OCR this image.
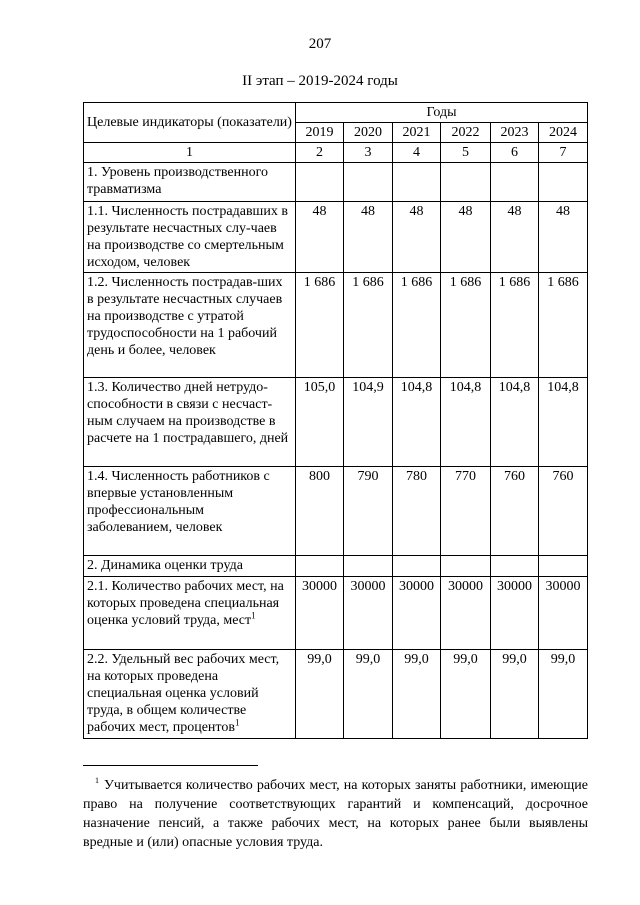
207
II этап – 2019-2024 годы
Целевые индикаторы (показатели)	Годы					
	2019	2020	2021	2022	2023	2024
1	2	3	4	5	6	7
1. Уровень производственного травматизма						
1.1. Численность пострадавших в результате несчастных слу-чаев на производстве со смертельным исходом, человек	48	48	48	48	48	48
1.2. Численность пострадав-ших в результате несчастных случаев на производстве с утратой трудоспособности на 1 рабочий день и более, человек	1 686	1 686	1 686	1 686	1 686	1 686
1.3. Количество дней нетрудо-способности в связи с несчаст-ным случаем на производстве в расчете на 1 пострадавшего, дней	105,0	104,9	104,8	104,8	104,8	104,8
1.4. Численность работников с впервые установленным профессиональным заболеванием, человек	800	790	780	770	760	760
2. Динамика оценки труда						
2.1. Количество рабочих мест, на которых проведена специальная оценка условий труда, мест$^1$	30000	30000	30000	30000	30000	30000
2.2. Удельный вес рабочих мест, на которых проведена специальная оценка условий труда, в общем количестве рабочих мест, процентов$^1$	99,0	99,0	99,0	99,0	99,0	99,0
$^1$ Учитывается количество рабочих мест, на которых заняты работники, имеющие право на получение соответствующих гарантий и компенсаций, досрочное назначение пенсий, а также рабочих мест, на которых ранее были выявлены вредные и (или) опасные условия труда.
